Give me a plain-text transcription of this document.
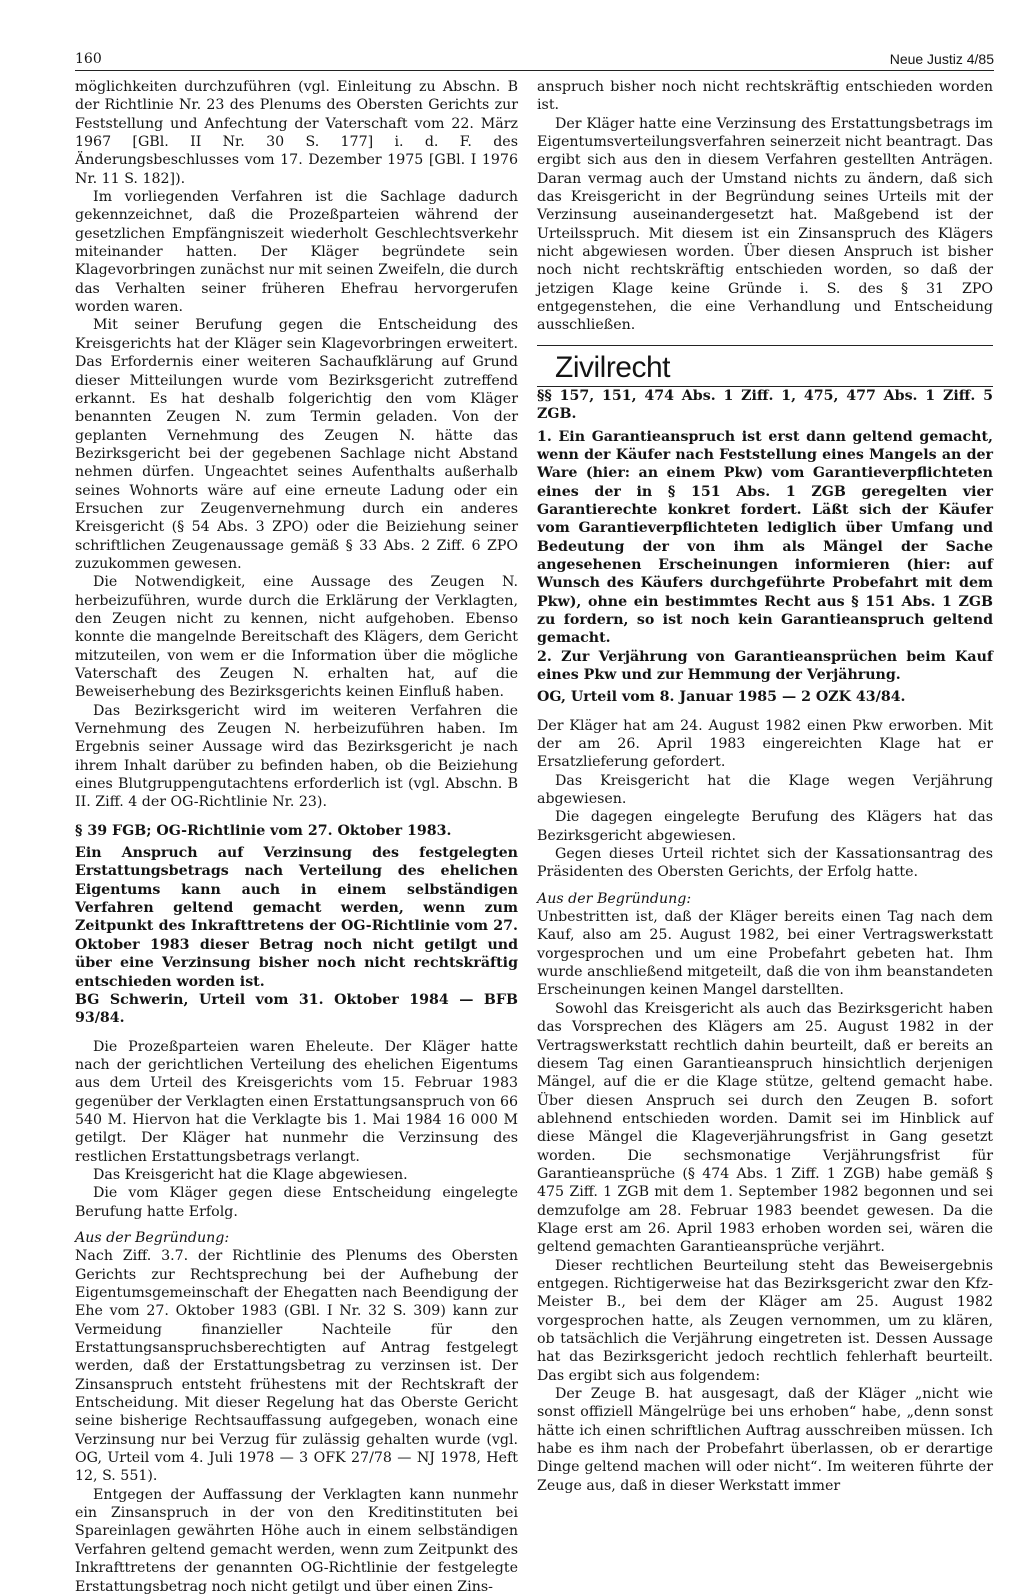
160	Neue Justiz 4/85

möglichkeiten durchzuführen (vgl. Einleitung zu Abschn. B der Richtlinie Nr. 23 des Plenums des Obersten Gerichts zur Feststellung und Anfechtung der Vaterschaft vom 22. März 1967 [GBl. II Nr. 30 S. 177] i. d. F. des Änderungsbeschlusses vom 17. Dezember 1975 [GBl. I 1976 Nr. 11 S. 182]).

Im vorliegenden Verfahren ist die Sachlage dadurch gekennzeichnet, daß die Prozeßparteien während der gesetzlichen Empfängniszeit wiederholt Geschlechtsverkehr miteinander hatten. Der Kläger begründete sein Klagevorbringen zunächst nur mit seinen Zweifeln, die durch das Verhalten seiner früheren Ehefrau hervorgerufen worden waren.

Mit seiner Berufung gegen die Entscheidung des Kreisgerichts hat der Kläger sein Klagevorbringen erweitert. Das Erfordernis einer weiteren Sachaufklärung auf Grund dieser Mitteilungen wurde vom Bezirksgericht zutreffend erkannt. Es hat deshalb folgerichtig den vom Kläger benannten Zeugen N. zum Termin geladen. Von der geplanten Vernehmung des Zeugen N. hätte das Bezirksgericht bei der gegebenen Sachlage nicht Abstand nehmen dürfen. Ungeachtet seines Aufenthalts außerhalb seines Wohnorts wäre auf eine erneute Ladung oder ein Ersuchen zur Zeugenvernehmung durch ein anderes Kreisgericht (§ 54 Abs. 3 ZPO) oder die Beiziehung seiner schriftlichen Zeugenaussage gemäß § 33 Abs. 2 Ziff. 6 ZPO zuzukommen gewesen.

Die Notwendigkeit, eine Aussage des Zeugen N. herbeizuführen, wurde durch die Erklärung der Verklagten, den Zeugen nicht zu kennen, nicht aufgehoben. Ebenso konnte die mangelnde Bereitschaft des Klägers, dem Gericht mitzuteilen, von wem er die Information über die mögliche Vaterschaft des Zeugen N. erhalten hat, auf die Beweiserhebung des Bezirksgerichts keinen Einfluß haben.

Das Bezirksgericht wird im weiteren Verfahren die Vernehmung des Zeugen N. herbeizuführen haben. Im Ergebnis seiner Aussage wird das Bezirksgericht je nach ihrem Inhalt darüber zu befinden haben, ob die Beiziehung eines Blutgruppengutachtens erforderlich ist (vgl. Abschn. B II. Ziff. 4 der OG-Richtlinie Nr. 23).

§ 39 FGB; OG-Richtlinie vom 27. Oktober 1983.

Ein Anspruch auf Verzinsung des festgelegten Erstattungsbetrags nach Verteilung des ehelichen Eigentums kann auch in einem selbständigen Verfahren geltend gemacht werden, wenn zum Zeitpunkt des Inkrafttretens der OG-Richtlinie vom 27. Oktober 1983 dieser Betrag noch nicht getilgt und über eine Verzinsung bisher noch nicht rechtskräftig entschieden worden ist.

BG Schwerin, Urteil vom 31. Oktober 1984 — BFB 93/84.

Die Prozeßparteien waren Eheleute. Der Kläger hatte nach der gerichtlichen Verteilung des ehelichen Eigentums aus dem Urteil des Kreisgerichts vom 15. Februar 1983 gegenüber der Verklagten einen Erstattungsanspruch von 66 540 M. Hiervon hat die Verklagte bis 1. Mai 1984 16 000 M getilgt. Der Kläger hat nunmehr die Verzinsung des restlichen Erstattungsbetrags verlangt.

Das Kreisgericht hat die Klage abgewiesen.

Die vom Kläger gegen diese Entscheidung eingelegte Berufung hatte Erfolg.

Aus der Begründung:

Nach Ziff. 3.7. der Richtlinie des Plenums des Obersten Gerichts zur Rechtsprechung bei der Aufhebung der Eigentumsgemeinschaft der Ehegatten nach Beendigung der Ehe vom 27. Oktober 1983 (GBl. I Nr. 32 S. 309) kann zur Vermeidung finanzieller Nachteile für den Erstattungsanspruchsberechtigten auf Antrag festgelegt werden, daß der Erstattungsbetrag zu verzinsen ist. Der Zinsanspruch entsteht frühestens mit der Rechtskraft der Entscheidung. Mit dieser Regelung hat das Oberste Gericht seine bisherige Rechtsauffassung aufgegeben, wonach eine Verzinsung nur bei Verzug für zulässig gehalten wurde (vgl. OG, Urteil vom 4. Juli 1978 — 3 OFK 27/78 — NJ 1978, Heft 12, S. 551).

Entgegen der Auffassung der Verklagten kann nunmehr ein Zinsanspruch in der von den Kreditinstituten bei Spareinlagen gewährten Höhe auch in einem selbständigen Verfahren geltend gemacht werden, wenn zum Zeitpunkt des Inkrafttretens der genannten OG-Richtlinie der festgelegte Erstattungsbetrag noch nicht getilgt und über einen Zins-

anspruch bisher noch nicht rechtskräftig entschieden worden ist.

Der Kläger hatte eine Verzinsung des Erstattungsbetrags im Eigentumsverteilungsverfahren seinerzeit nicht beantragt. Das ergibt sich aus den in diesem Verfahren gestellten Anträgen. Daran vermag auch der Umstand nichts zu ändern, daß sich das Kreisgericht in der Begründung seines Urteils mit der Verzinsung auseinandergesetzt hat. Maßgebend ist der Urteilsspruch. Mit diesem ist ein Zinsanspruch des Klägers nicht abgewiesen worden. Über diesen Anspruch ist bisher noch nicht rechtskräftig entschieden worden, so daß der jetzigen Klage keine Gründe i. S. des § 31 ZPO entgegenstehen, die eine Verhandlung und Entscheidung ausschließen.

Zivilrecht

§§ 157, 151, 474 Abs. 1 Ziff. 1, 475, 477 Abs. 1 Ziff. 5 ZGB.

1. Ein Garantieanspruch ist erst dann geltend gemacht, wenn der Käufer nach Feststellung eines Mangels an der Ware (hier: an einem Pkw) vom Garantieverpflichteten eines der in § 151 Abs. 1 ZGB geregelten vier Garantierechte konkret fordert. Läßt sich der Käufer vom Garantieverpflichteten lediglich über Umfang und Bedeutung der von ihm als Mängel der Sache angesehenen Erscheinungen informieren (hier: auf Wunsch des Käufers durchgeführte Probefahrt mit dem Pkw), ohne ein bestimmtes Recht aus § 151 Abs. 1 ZGB zu fordern, so ist noch kein Garantieanspruch geltend gemacht.

2. Zur Verjährung von Garantieansprüchen beim Kauf eines Pkw und zur Hemmung der Verjährung.

OG, Urteil vom 8. Januar 1985 — 2 OZK 43/84.

Der Kläger hat am 24. August 1982 einen Pkw erworben. Mit der am 26. April 1983 eingereichten Klage hat er Ersatzlieferung gefordert.

Das Kreisgericht hat die Klage wegen Verjährung abgewiesen.

Die dagegen eingelegte Berufung des Klägers hat das Bezirksgericht abgewiesen.

Gegen dieses Urteil richtet sich der Kassationsantrag des Präsidenten des Obersten Gerichts, der Erfolg hatte.

Aus der Begründung:

Unbestritten ist, daß der Kläger bereits einen Tag nach dem Kauf, also am 25. August 1982, bei einer Vertragswerkstatt vorgesprochen und um eine Probefahrt gebeten hat. Ihm wurde anschließend mitgeteilt, daß die von ihm beanstandeten Erscheinungen keinen Mangel darstellten.

Sowohl das Kreisgericht als auch das Bezirksgericht haben das Vorsprechen des Klägers am 25. August 1982 in der Vertragswerkstatt rechtlich dahin beurteilt, daß er bereits an diesem Tag einen Garantieanspruch hinsichtlich derjenigen Mängel, auf die er die Klage stütze, geltend gemacht habe. Über diesen Anspruch sei durch den Zeugen B. sofort ablehnend entschieden worden. Damit sei im Hinblick auf diese Mängel die Klageverjährungsfrist in Gang gesetzt worden. Die sechsmonatige Verjährungsfrist für Garantieansprüche (§ 474 Abs. 1 Ziff. 1 ZGB) habe gemäß § 475 Ziff. 1 ZGB mit dem 1. September 1982 begonnen und sei demzufolge am 28. Februar 1983 beendet gewesen. Da die Klage erst am 26. April 1983 erhoben worden sei, wären die geltend gemachten Garantieansprüche verjährt.

Dieser rechtlichen Beurteilung steht das Beweisergebnis entgegen. Richtigerweise hat das Bezirksgericht zwar den Kfz-Meister B., bei dem der Kläger am 25. August 1982 vorgesprochen hatte, als Zeugen vernommen, um zu klären, ob tatsächlich die Verjährung eingetreten ist. Dessen Aussage hat das Bezirksgericht jedoch rechtlich fehlerhaft beurteilt. Das ergibt sich aus folgendem:

Der Zeuge B. hat ausgesagt, daß der Kläger „nicht wie sonst offiziell Mängelrüge bei uns erhoben“ habe, „denn sonst hätte ich einen schriftlichen Auftrag ausschreiben müssen. Ich habe es ihm nach der Probefahrt überlassen, ob er derartige Dinge geltend machen will oder nicht“. Im weiteren führte der Zeuge aus, daß in dieser Werkstatt immer
